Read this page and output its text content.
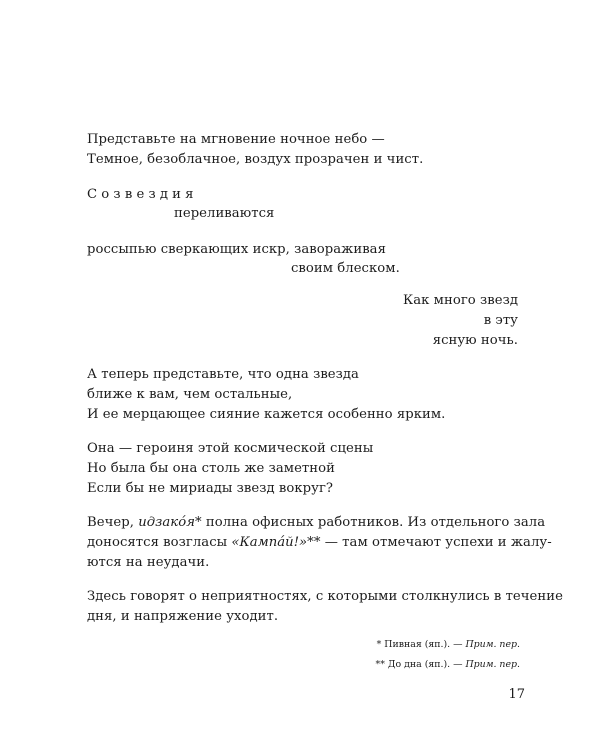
Представьте на мгновение ночное небо —
Темное, безоблачное, воздух прозрачен и чист.
Созвездия
переливаются
россыпью сверкающих искр, завораживая
своим блеском.
Как много звезд
в эту
ясную ночь.
А теперь представьте, что одна звезда
ближе к вам, чем остальные,
И ее мерцающее сияние кажется особенно ярким.
Она — героиня этой космической сцены
Но была бы она столь же заметной
Если бы не мириады звезд вокруг?
Вечер, идзакóя* полна офисных работников. Из отдельного зала
доносятся возгласы «Кампáй!»** — там отмечают успехи и жалу-
ются на неудачи.
Здесь говорят о неприятностях, с которыми столкнулись в течение
дня, и напряжение уходит.
* Пивная (яп.). — Прим. пер.
** До дна (яп.). — Прим. пер.
17
